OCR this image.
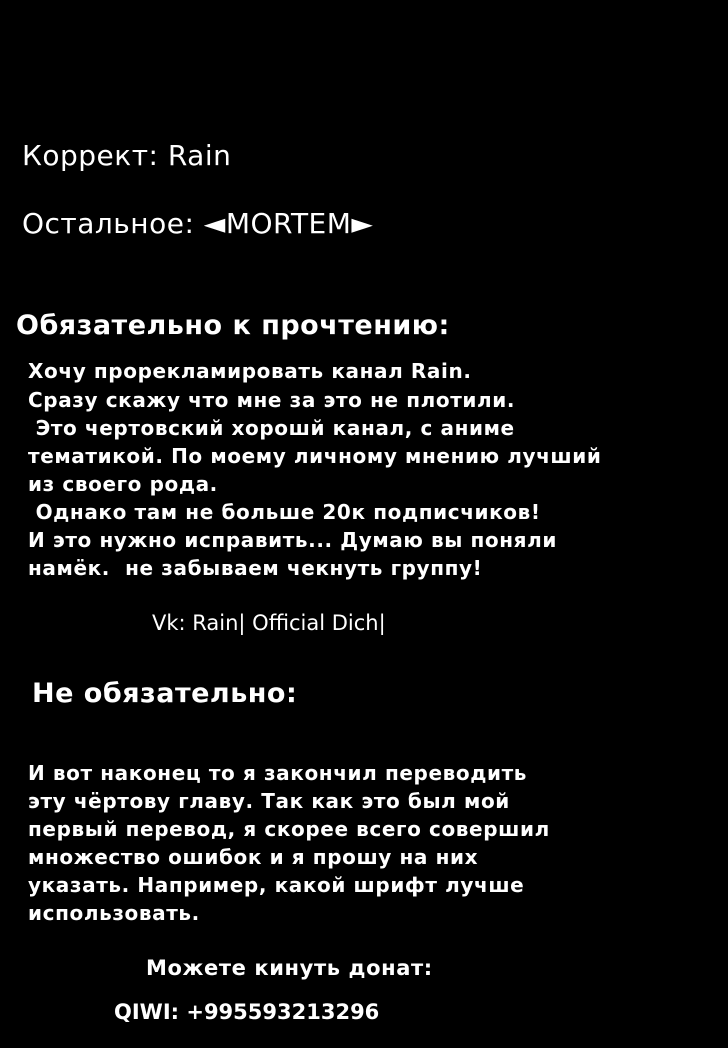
Коррект: Rain
Остальное: ◄MORTEM►
Обязательно к прочтению:
Хочу прорекламировать канал Rain.
Сразу скажу что мне за это не плотили.
Это чертовский хорошй канал, с аниме
тематикой. По моему личному мнению лучший
из своего рода.
Однако там не больше 20к подписчиков!
И это нужно исправить... Думаю вы поняли
намёк.  не забываем чекнуть группу!
Vk: Rain| Official Dich|
Не обязательно:
И вот наконец то я закончил переводить
эту чёртову главу. Так как это был мой
первый перевод, я скорее всего совершил
множество ошибок и я прошу на них
указать. Например, какой шрифт лучше
использовать.
Можете кинуть донат:
QIWI: +995593213296
